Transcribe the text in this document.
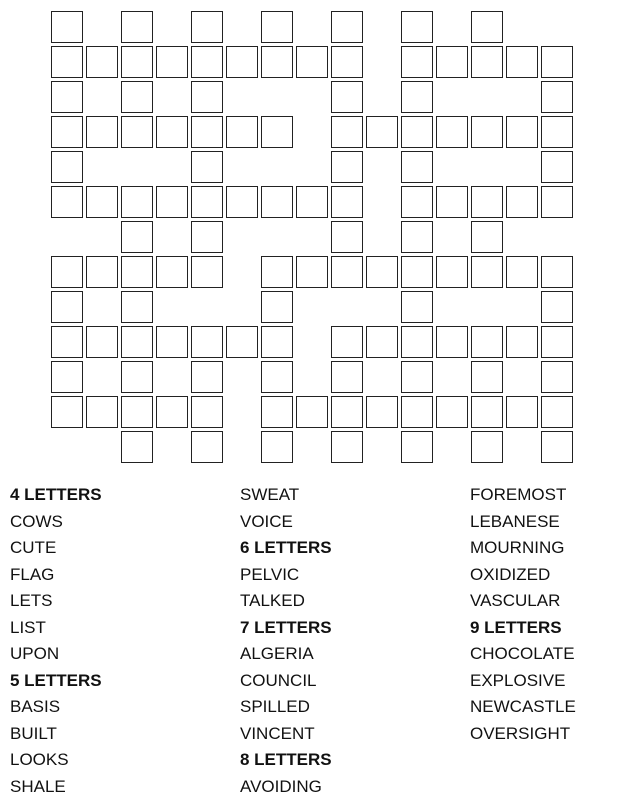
4 LETTERS
COWS
CUTE
FLAG
LETS
LIST
UPON
5 LETTERS
BASIS
BUILT
LOOKS
SHALE
SWEAT
VOICE
6 LETTERS
PELVIC
TALKED
7 LETTERS
ALGERIA
COUNCIL
SPILLED
VINCENT
8 LETTERS
AVOIDING
FOREMOST
LEBANESE
MOURNING
OXIDIZED
VASCULAR
9 LETTERS
CHOCOLATE
EXPLOSIVE
NEWCASTLE
OVERSIGHT
